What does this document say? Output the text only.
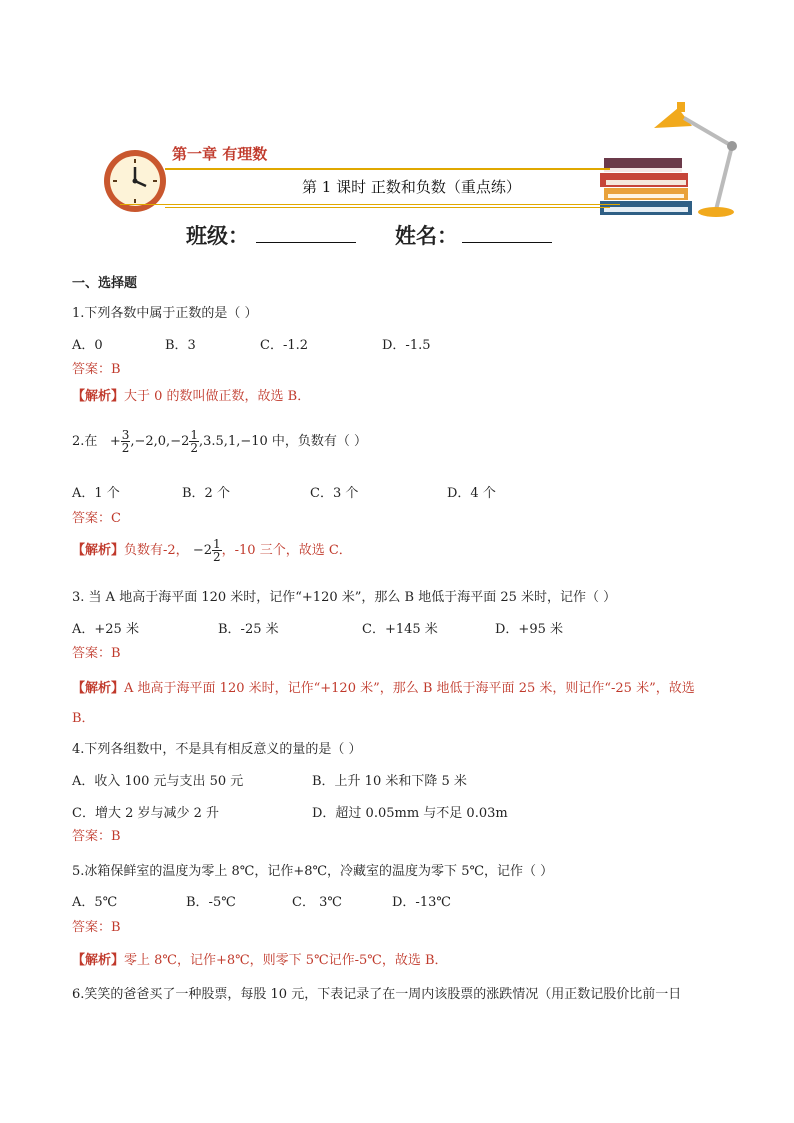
第一章 有理数
第 1 课时 正数和负数（重点练）
班级：	姓名：
一、选择题
1.下列各数中属于正数的是（ ）
A．0	B．3	C．-1.2	D．-1.5
答案：B
【解析】大于 0 的数叫做正数，故选 B．
2.在 + $\frac{3}{2} ,-2,0,-2 \frac{1}{2} ,3.5,1,-10$ 中，负数有（ ）
A．1 个	B．2 个	C．3 个	D．4 个
答案：C
【解析】负数有-2， $-2 \frac{1}{2}$ ，-10 三个，故选 C．
3. 当 A 地高于海平面 120 米时，记作“+120 米”，那么 B 地低于海平面 25 米时，记作（ ）
A．+25 米	B．-25 米	C．+145 米	D．+95 米
答案：B
【解析】A 地高于海平面 120 米时，记作“+120 米”，那么 B 地低于海平面 25 米，则记作“-25 米”，故选
B．
4.下列各组数中，不是具有相反意义的量的是（ ）
A．收入 100 元与支出 50 元	B．上升 10 米和下降 5 米
C．增大 2 岁与减少 2 升	D．超过 0.05mm 与不足 0.03m
答案：B
5.冰箱保鲜室的温度为零上 8℃，记作+8℃，冷藏室的温度为零下 5℃，记作（ ）
A．5℃	B．-5℃	C． 3℃	D．-13℃
答案：B
【解析】零上 8℃，记作+8℃，则零下 5℃记作-5℃，故选 B．
6.笑笑的爸爸买了一种股票，每股 10 元，下表记录了在一周内该股票的涨跌情况（用正数记股价比前一日
